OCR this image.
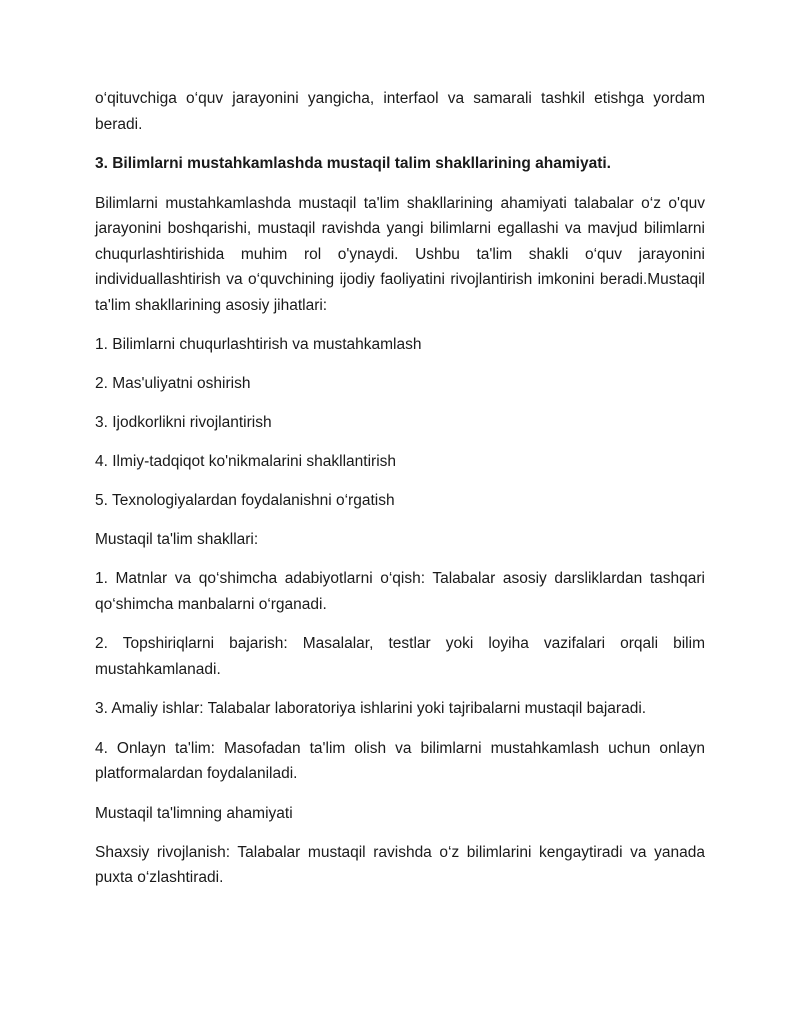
o‘qituvchiga o‘quv jarayonini yangicha, interfaol va samarali tashkil etishga yordam beradi.

3. Bilimlarni mustahkamlashda mustaqil talim shakllarining ahamiyati.

Bilimlarni mustahkamlashda mustaqil ta'lim shakllarining ahamiyati talabalar o‘z o'quv jarayonini boshqarishi, mustaqil ravishda yangi bilimlarni egallashi va mavjud bilimlarni chuqurlashtirishida muhim rol o'ynaydi. Ushbu ta'lim shakli o‘quv jarayonini individuallashtirish va o‘quvchining ijodiy faoliyatini rivojlantirish imkonini beradi.Mustaqil ta'lim shakllarining asosiy jihatlari:

1. Bilimlarni chuqurlashtirish va mustahkamlash

2. Mas'uliyatni oshirish

3. Ijodkorlikni rivojlantirish

4. Ilmiy-tadqiqot ko'nikmalarini shakllantirish

5. Texnologiyalardan foydalanishni o‘rgatish

Mustaqil ta'lim shakllari:

1. Matnlar va qo‘shimcha adabiyotlarni o‘qish: Talabalar asosiy darsliklardan tashqari qo‘shimcha manbalarni o‘rganadi.

2. Topshiriqlarni bajarish: Masalalar, testlar yoki loyiha vazifalari orqali bilim mustahkamlanadi.

3. Amaliy ishlar: Talabalar laboratoriya ishlarini yoki tajribalarni mustaqil bajaradi.

4. Onlayn ta'lim: Masofadan ta'lim olish va bilimlarni mustahkamlash uchun onlayn platformalardan foydalaniladi.

Mustaqil ta'limning ahamiyati

Shaxsiy rivojlanish: Talabalar mustaqil ravishda o‘z bilimlarini kengaytiradi va yanada puxta o‘zlashtiradi.
